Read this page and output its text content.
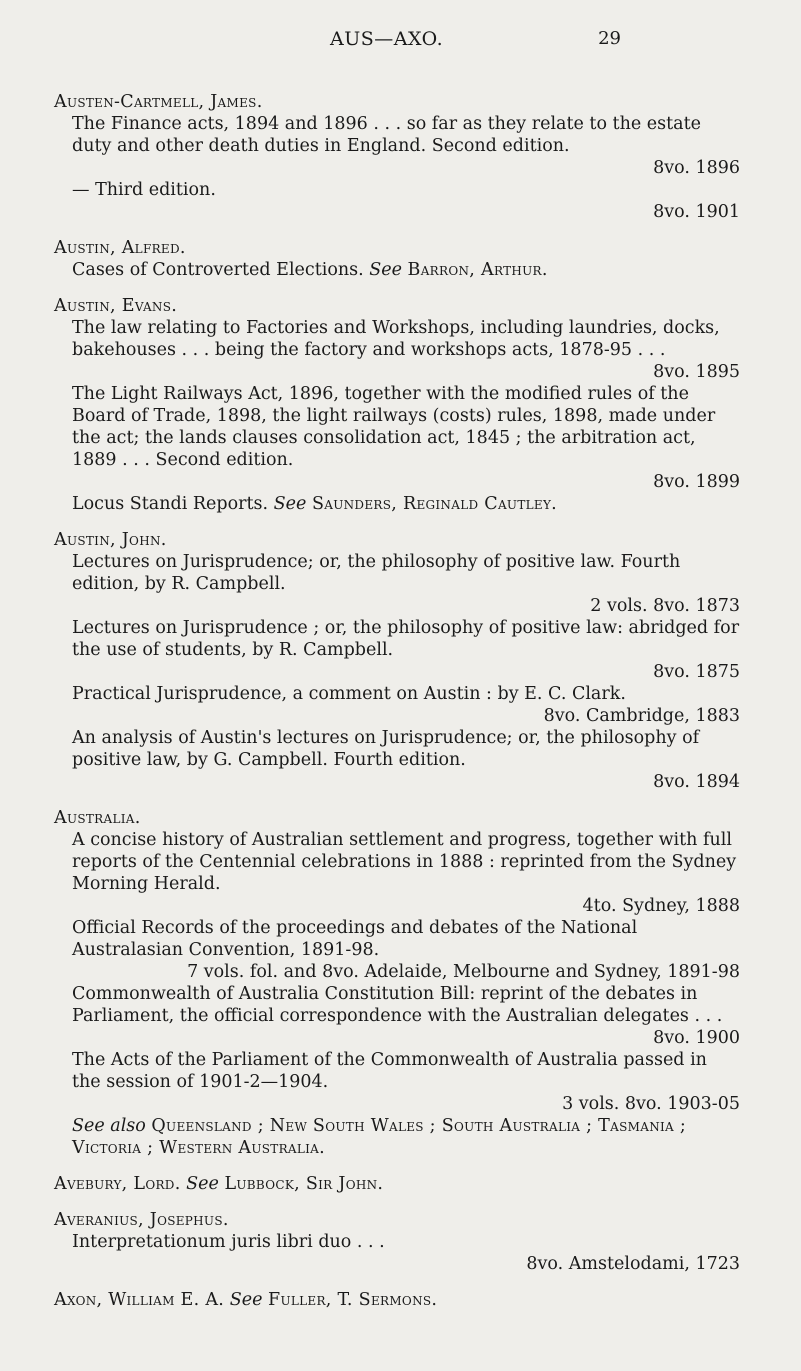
AUS—AXO.	29
Austen-Cartmell, James.
The Finance acts, 1894 and 1896 . . . so far as they relate to the estate duty and other death duties in England. Second edition.
8vo. 1896
— Third edition.
8vo. 1901
Austin, Alfred.
Cases of Controverted Elections. See Barron, Arthur.
Austin, Evans.
The law relating to Factories and Workshops, including laundries, docks, bakehouses . . . being the factory and workshops acts, 1878-95 . . .
8vo. 1895
The Light Railways Act, 1896, together with the modified rules of the Board of Trade, 1898, the light railways (costs) rules, 1898, made under the act; the lands clauses consolidation act, 1845 ; the arbitration act, 1889 . . . Second edition.
8vo. 1899
Locus Standi Reports. See Saunders, Reginald Cautley.
Austin, John.
Lectures on Jurisprudence; or, the philosophy of positive law. Fourth edition, by R. Campbell.
2 vols. 8vo. 1873
Lectures on Jurisprudence ; or, the philosophy of positive law: abridged for the use of students, by R. Campbell.
8vo. 1875
Practical Jurisprudence, a comment on Austin : by E. C. Clark.
8vo. Cambridge, 1883
An analysis of Austin's lectures on Jurisprudence; or, the philosophy of positive law, by G. Campbell. Fourth edition.
8vo. 1894
Australia.
A concise history of Australian settlement and progress, together with full reports of the Centennial celebrations in 1888 : reprinted from the Sydney Morning Herald.
4to. Sydney, 1888
Official Records of the proceedings and debates of the National Australasian Convention, 1891-98.
7 vols. fol. and 8vo. Adelaide, Melbourne and Sydney, 1891-98
Commonwealth of Australia Constitution Bill: reprint of the debates in Parliament, the official correspondence with the Australian delegates . . .
8vo. 1900
The Acts of the Parliament of the Commonwealth of Australia passed in the session of 1901-2—1904.
3 vols. 8vo. 1903-05
See also Queensland ; New South Wales ; South Australia ; Tasmania ; Victoria ; Western Australia.
Avebury, Lord. See Lubbock, Sir John.
Averanius, Josephus.
Interpretationum juris libri duo . . .
8vo. Amstelodami, 1723
Axon, William E. A. See Fuller, T. Sermons.
